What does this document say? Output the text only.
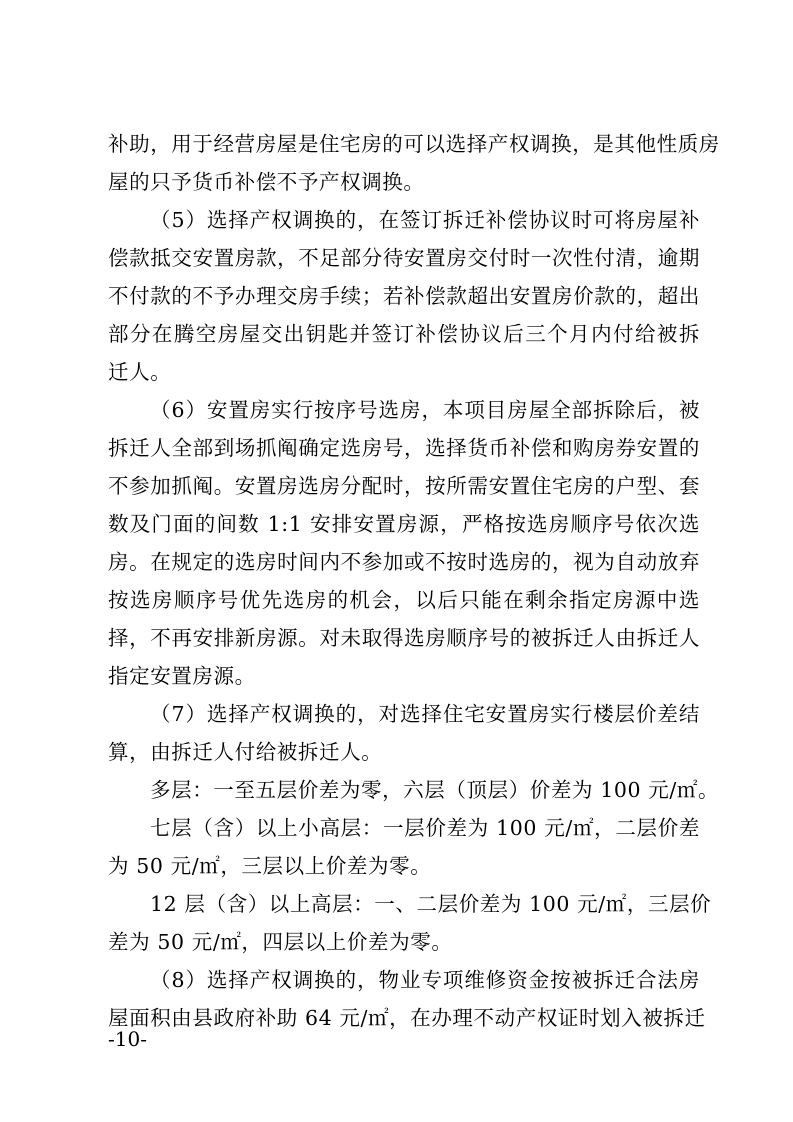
补助，用于经营房屋是住宅房的可以选择产权调换，是其他性质房
屋的只予货币补偿不予产权调换。
（5）选择产权调换的，在签订拆迁补偿协议时可将房屋补
偿款抵交安置房款，不足部分待安置房交付时一次性付清，逾期
不付款的不予办理交房手续；若补偿款超出安置房价款的，超出
部分在腾空房屋交出钥匙并签订补偿协议后三个月内付给被拆
迁人。
（6）安置房实行按序号选房，本项目房屋全部拆除后，被
拆迁人全部到场抓阄确定选房号，选择货币补偿和购房券安置的
不参加抓阄。安置房选房分配时，按所需安置住宅房的户型、套
数及门面的间数 1:1 安排安置房源，严格按选房顺序号依次选
房。在规定的选房时间内不参加或不按时选房的，视为自动放弃
按选房顺序号优先选房的机会，以后只能在剩余指定房源中选
择，不再安排新房源。对未取得选房顺序号的被拆迁人由拆迁人
指定安置房源。
（7）选择产权调换的，对选择住宅安置房实行楼层价差结
算，由拆迁人付给被拆迁人。
多层：一至五层价差为零，六层（顶层）价差为 100 元/㎡。
七层（含）以上小高层：一层价差为 100 元/㎡，二层价差
为 50 元/㎡，三层以上价差为零。
12 层（含）以上高层：一、二层价差为 100 元/㎡，三层价
差为 50 元/㎡，四层以上价差为零。
（8）选择产权调换的，物业专项维修资金按被拆迁合法房
屋面积由县政府补助 64 元/㎡，在办理不动产权证时划入被拆迁
-10-
